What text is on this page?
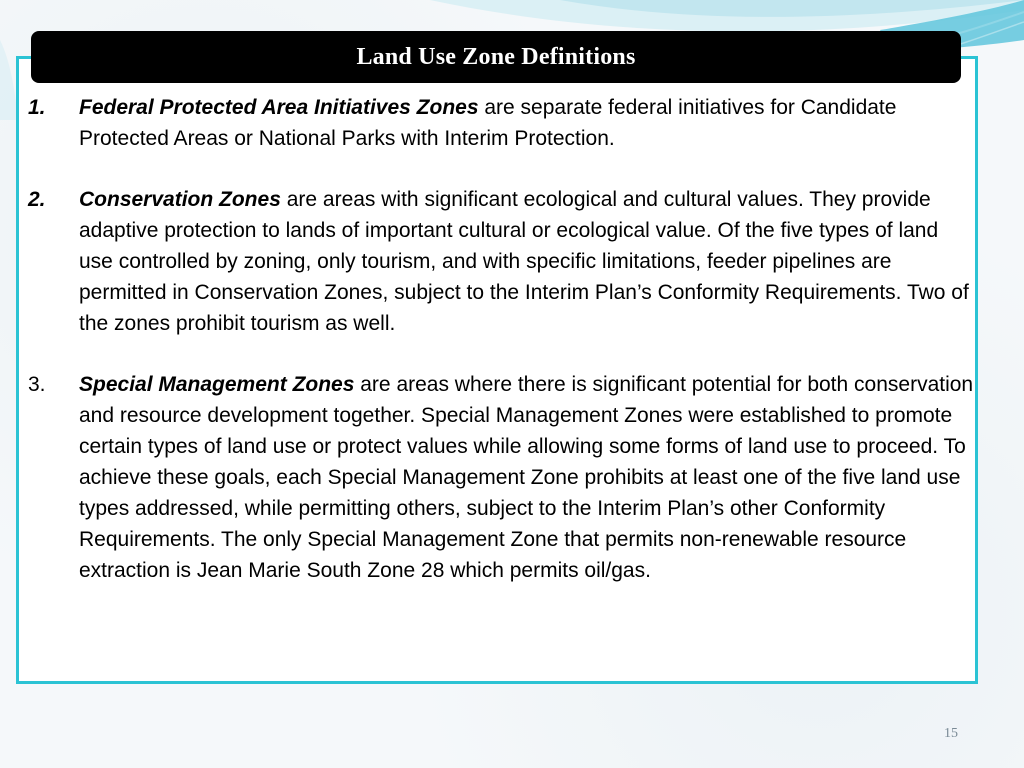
Land Use Zone Definitions
1.	Federal Protected Area Initiatives Zones are separate federal initiatives for Candidate Protected Areas or National Parks with Interim Protection.
2.	Conservation Zones are areas with significant ecological and cultural values. They provide adaptive protection to lands of important cultural or ecological value. Of the five types of land use controlled by zoning, only tourism, and with specific limitations, feeder pipelines are permitted in Conservation Zones, subject to the Interim Plan’s Conformity Requirements. Two of the zones prohibit tourism as well.
3.	Special Management Zones are areas where there is significant potential for both conservation and resource development together. Special Management Zones were established to promote certain types of land use or protect values while allowing some forms of land use to proceed. To achieve these goals, each Special Management Zone prohibits at least one of the five land use types addressed, while permitting others, subject to the Interim Plan’s other Conformity Requirements. The only Special Management Zone that permits non-renewable resource extraction is Jean Marie South Zone 28 which permits oil/gas.
15
